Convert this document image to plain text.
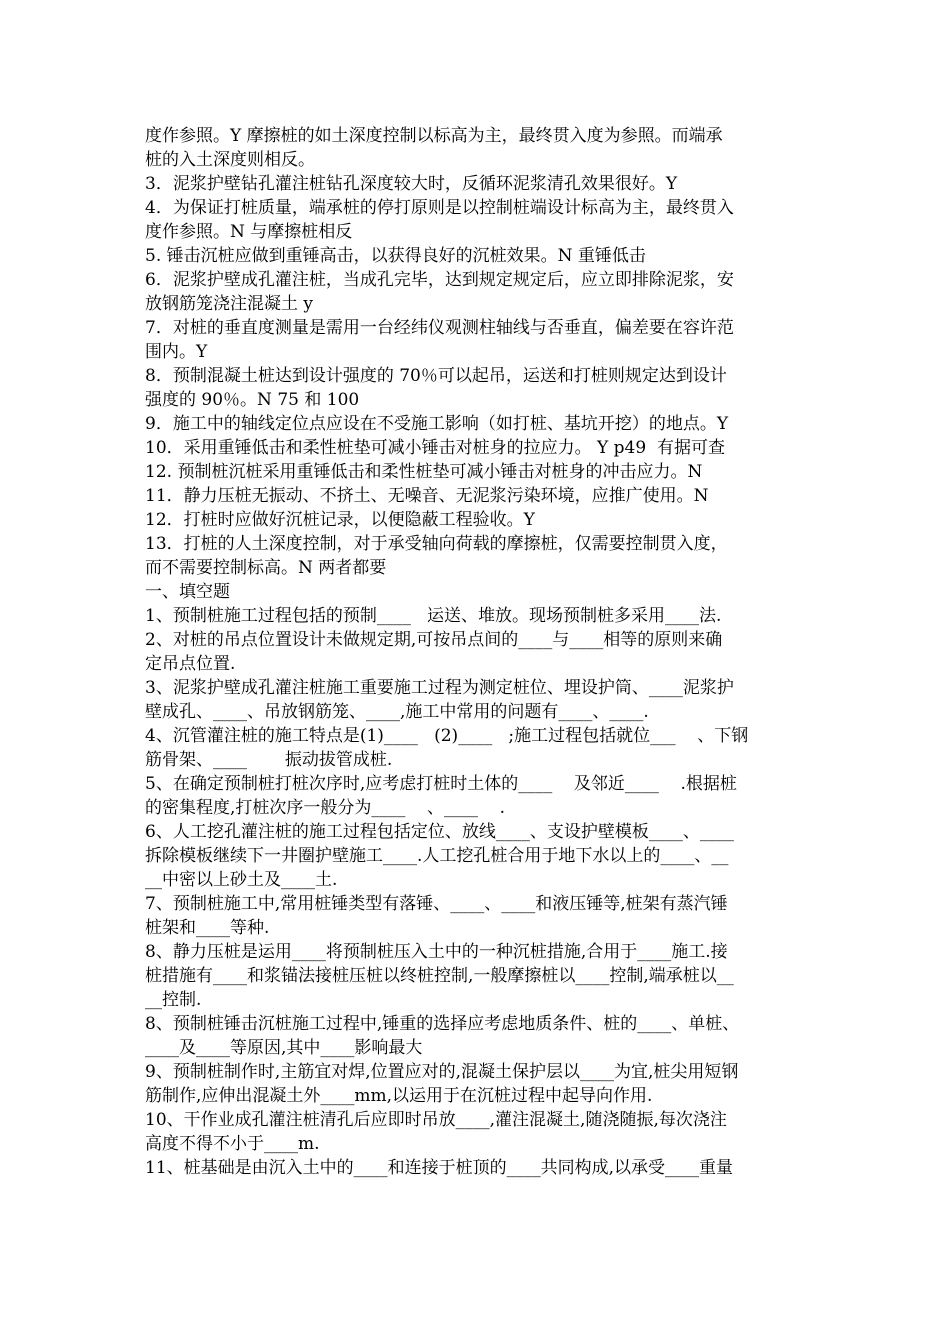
度作参照。Y 摩擦桩的如土深度控制以标高为主，最终贯入度为参照。而端承
桩的入土深度则相反。
3．泥浆护壁钻孔灌注桩钻孔深度较大时，反循环泥浆清孔效果很好。Y
4．为保证打桩质量，端承桩的停打原则是以控制桩端设计标高为主，最终贯入
度作参照。N 与摩擦桩相反
5. 锤击沉桩应做到重锤高击，以获得良好的沉桩效果。N 重锤低击
6．泥浆护壁成孔灌注桩，当成孔完毕，达到规定规定后，应立即排除泥浆，安
放钢筋笼浇注混凝土 y
7．对桩的垂直度测量是需用一台经纬仪观测柱轴线与否垂直，偏差要在容许范
围内。Y
8．预制混凝土桩达到设计强度的 70％可以起吊，运送和打桩则规定达到设计
强度的 90％。N 75 和 100
9．施工中的轴线定位点应设在不受施工影响（如打桩、基坑开挖）的地点。Y
10．采用重锤低击和柔性桩垫可减小锤击对桩身的拉应力。 Y p49  有据可查
12. 预制桩沉桩采用重锤低击和柔性桩垫可减小锤击对桩身的冲击应力。N
11．静力压桩无振动、不挤土、无噪音、无泥浆污染环境，应推广使用。N
12．打桩时应做好沉桩记录，以便隐蔽工程验收。Y
13．打桩的人土深度控制，对于承受轴向荷载的摩擦桩，仅需要控制贯入度，
而不需要控制标高。N 两者都要
一、填空题
1、预制桩施工过程包括的预制____   运送、堆放。现场预制桩多采用____法.
2、对桩的吊点位置设计未做规定期,可按吊点间的____与____相等的原则来确
定吊点位置.
3、泥浆护壁成孔灌注桩施工重要施工过程为测定桩位、埋设护筒、____泥浆护
壁成孔、____、吊放钢筋笼、____,施工中常用的问题有____、____.
4、沉管灌注桩的施工特点是(1)____   (2)____   ;施工过程包括就位___    、下钢
筋骨架、____       振动拔管成桩.
5、在确定预制桩打桩次序时,应考虑打桩时土体的____    及邻近____    .根据桩
的密集程度,打桩次序一般分为____    、____    .
6、人工挖孔灌注桩的施工过程包括定位、放线____、支设护壁模板____、____
拆除模板继续下一井圈护壁施工____.人工挖孔桩合用于地下水以上的____、__
__中密以上砂土及____土.
7、预制桩施工中,常用桩锤类型有落锤、____、____和液压锤等,桩架有蒸汽锤
桩架和____等种.
8、静力压桩是运用____将预制桩压入土中的一种沉桩措施,合用于____施工.接
桩措施有____和浆锚法接桩压桩以终桩控制,一般摩擦桩以____控制,端承桩以__
__控制.
8、预制桩锤击沉桩施工过程中,锤重的选择应考虑地质条件、桩的____、单桩、
____及____等原因,其中____影响最大
9、预制桩制作时,主筋宜对焊,位置应对的,混凝土保护层以____为宜,桩尖用短钢
筋制作,应伸出混凝土外____mm,以运用于在沉桩过程中起导向作用.
10、干作业成孔灌注桩清孔后应即时吊放____,灌注混凝土,随浇随振,每次浇注
高度不得不小于____m.
11、桩基础是由沉入土中的____和连接于桩顶的____共同构成,以承受____重量
